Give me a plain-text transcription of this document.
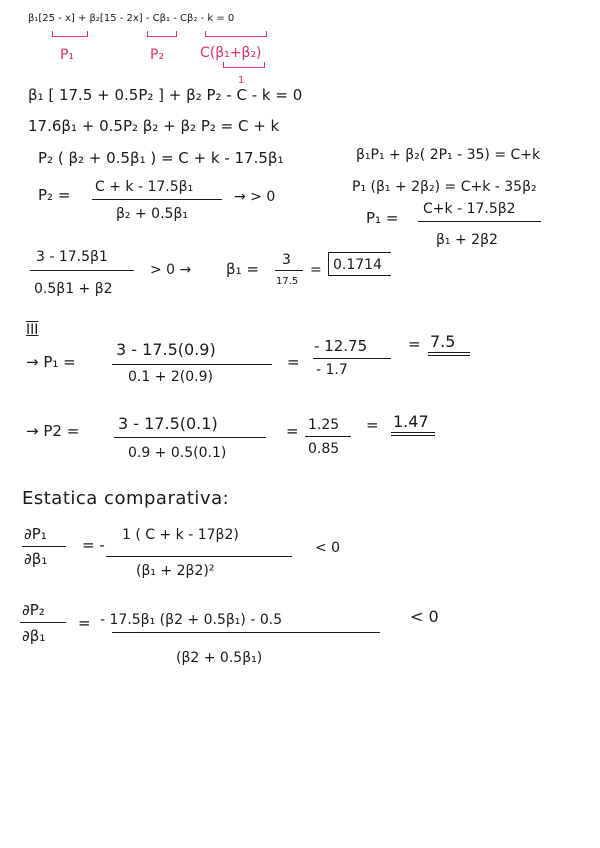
β₁[25 - x] + β₂[15 - 2x] - Cβ₁ - Cβ₂ - k = 0
P₁	P₂	C(β₁+β₂)
1
β₁ [ 17.5 + 0.5P₂ ] + β₂ P₂ - C - k = 0
17.6β₁ + 0.5P₂ β₂ + β₂ P₂ = C + k
P₂ ( β₂ + 0.5β₁ ) = C + k - 17.5β₁
P₂ = C + k - 17.5β₁
β₂ + 0.5β₁
→ > 0
β₁P₁ + β₂( 2P₁ - 35) = C+k
P₁ (β₁ + 2β₂) = C+k - 35β₂
P₁ = C+k - 17.5β2
β₁ + 2β2
3 - 17.5β1
0.5β1 + β2
> 0 → β₁ = 3
17.5
= 0.1714
III
→ P₁ =
3 - 17.5(0.9)
0.1 + 2(0.9)
=
- 12.75
- 1.7
= 7.5
→ P2 = 3 - 17.5(0.1)
0.9 + 0.5(0.1)
= 1.25
0.85
= 1.47
Estatica comparativa:
∂P₁
∂β₁
= -
1 ( C + k - 17β2)
(β₁ + 2β2)²
< 0
∂P₂
∂β₁
= - 17.5β₁ (β2 + 0.5β₁) - 0.5
(β2 + 0.5β₁)
< 0
